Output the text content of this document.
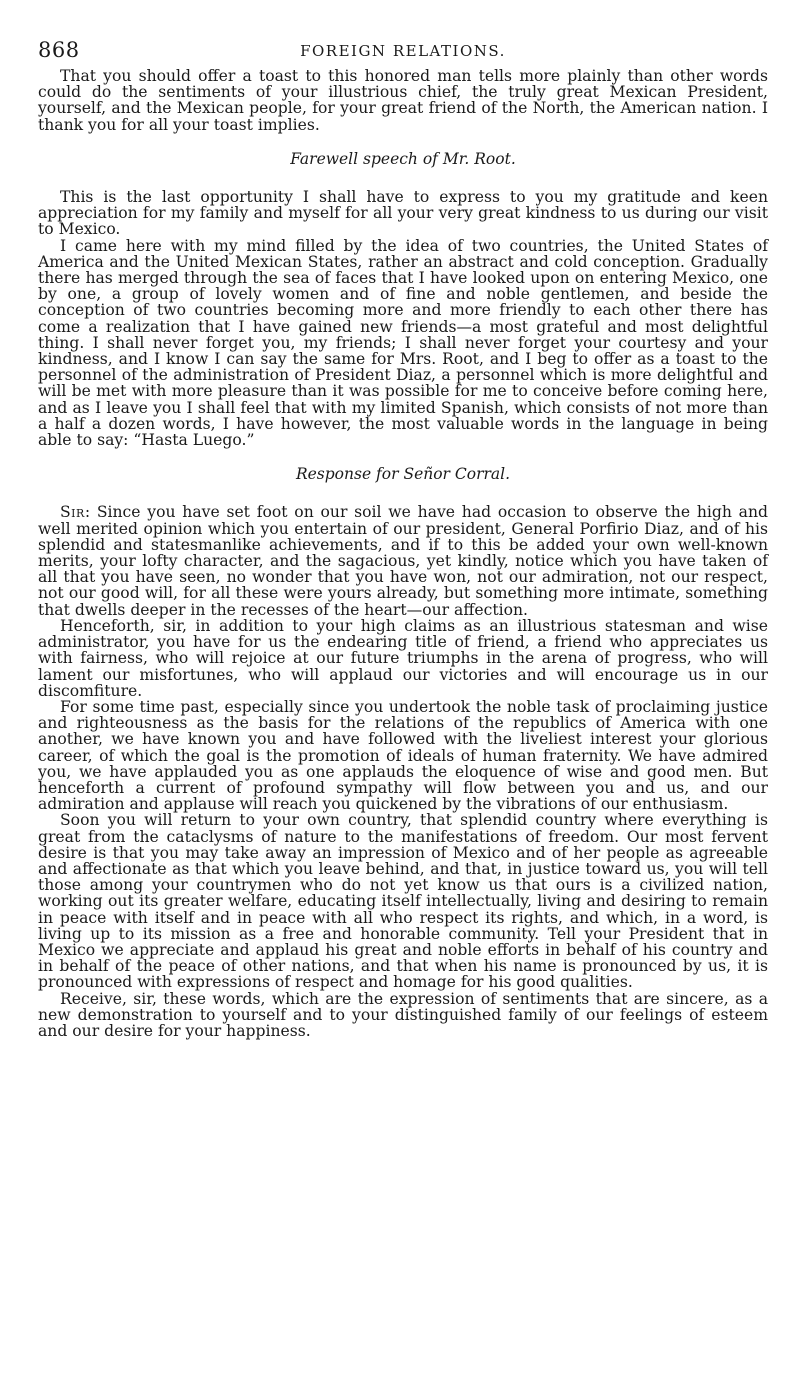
868	FOREIGN RELATIONS.

That you should offer a toast to this honored man tells more plainly than other words could do the sentiments of your illustrious chief, the truly great Mexican President, yourself, and the Mexican people, for your great friend of the North, the American nation. I thank you for all your toast implies.

Farewell speech of Mr. Root.

This is the last opportunity I shall have to express to you my gratitude and keen appreciation for my family and myself for all your very great kindness to us during our visit to Mexico.

I came here with my mind filled by the idea of two countries, the United States of America and the United Mexican States, rather an abstract and cold conception. Gradually there has merged through the sea of faces that I have looked upon on entering Mexico, one by one, a group of lovely women and of fine and noble gentlemen, and beside the conception of two countries becoming more and more friendly to each other there has come a realization that I have gained new friends—a most grateful and most delightful thing. I shall never forget you, my friends; I shall never forget your courtesy and your kindness, and I know I can say the same for Mrs. Root, and I beg to offer as a toast to the personnel of the administration of President Diaz, a personnel which is more delightful and will be met with more pleasure than it was possible for me to conceive before coming here, and as I leave you I shall feel that with my limited Spanish, which consists of not more than a half a dozen words, I have however, the most valuable words in the language in being able to say: “Hasta Luego.”

Response for Señor Corral.

Sir: Since you have set foot on our soil we have had occasion to observe the high and well merited opinion which you entertain of our president, General Porfirio Diaz, and of his splendid and statesmanlike achievements, and if to this be added your own well-known merits, your lofty character, and the sagacious, yet kindly, notice which you have taken of all that you have seen, no wonder that you have won, not our admiration, not our respect, not our good will, for all these were yours already, but something more intimate, something that dwells deeper in the recesses of the heart—our affection.

Henceforth, sir, in addition to your high claims as an illustrious statesman and wise administrator, you have for us the endearing title of friend, a friend who appreciates us with fairness, who will rejoice at our future triumphs in the arena of progress, who will lament our misfortunes, who will applaud our victories and will encourage us in our discomfiture.

For some time past, especially since you undertook the noble task of proclaiming justice and righteousness as the basis for the relations of the republics of America with one another, we have known you and have followed with the liveliest interest your glorious career, of which the goal is the promotion of ideals of human fraternity. We have admired you, we have applauded you as one applauds the eloquence of wise and good men. But henceforth a current of profound sympathy will flow between you and us, and our admiration and applause will reach you quickened by the vibrations of our enthusiasm.

Soon you will return to your own country, that splendid country where everything is great from the cataclysms of nature to the manifestations of freedom. Our most fervent desire is that you may take away an impression of Mexico and of her people as agreeable and affectionate as that which you leave behind, and that, in justice toward us, you will tell those among your countrymen who do not yet know us that ours is a civilized nation, working out its greater welfare, educating itself intellectually, living and desiring to remain in peace with itself and in peace with all who respect its rights, and which, in a word, is living up to its mission as a free and honorable community. Tell your President that in Mexico we appreciate and applaud his great and noble efforts in behalf of his country and in behalf of the peace of other nations, and that when his name is pronounced by us, it is pronounced with expressions of respect and homage for his good qualities.

Receive, sir, these words, which are the expression of sentiments that are sincere, as a new demonstration to yourself and to your distinguished family of our feelings of esteem and our desire for your happiness.
